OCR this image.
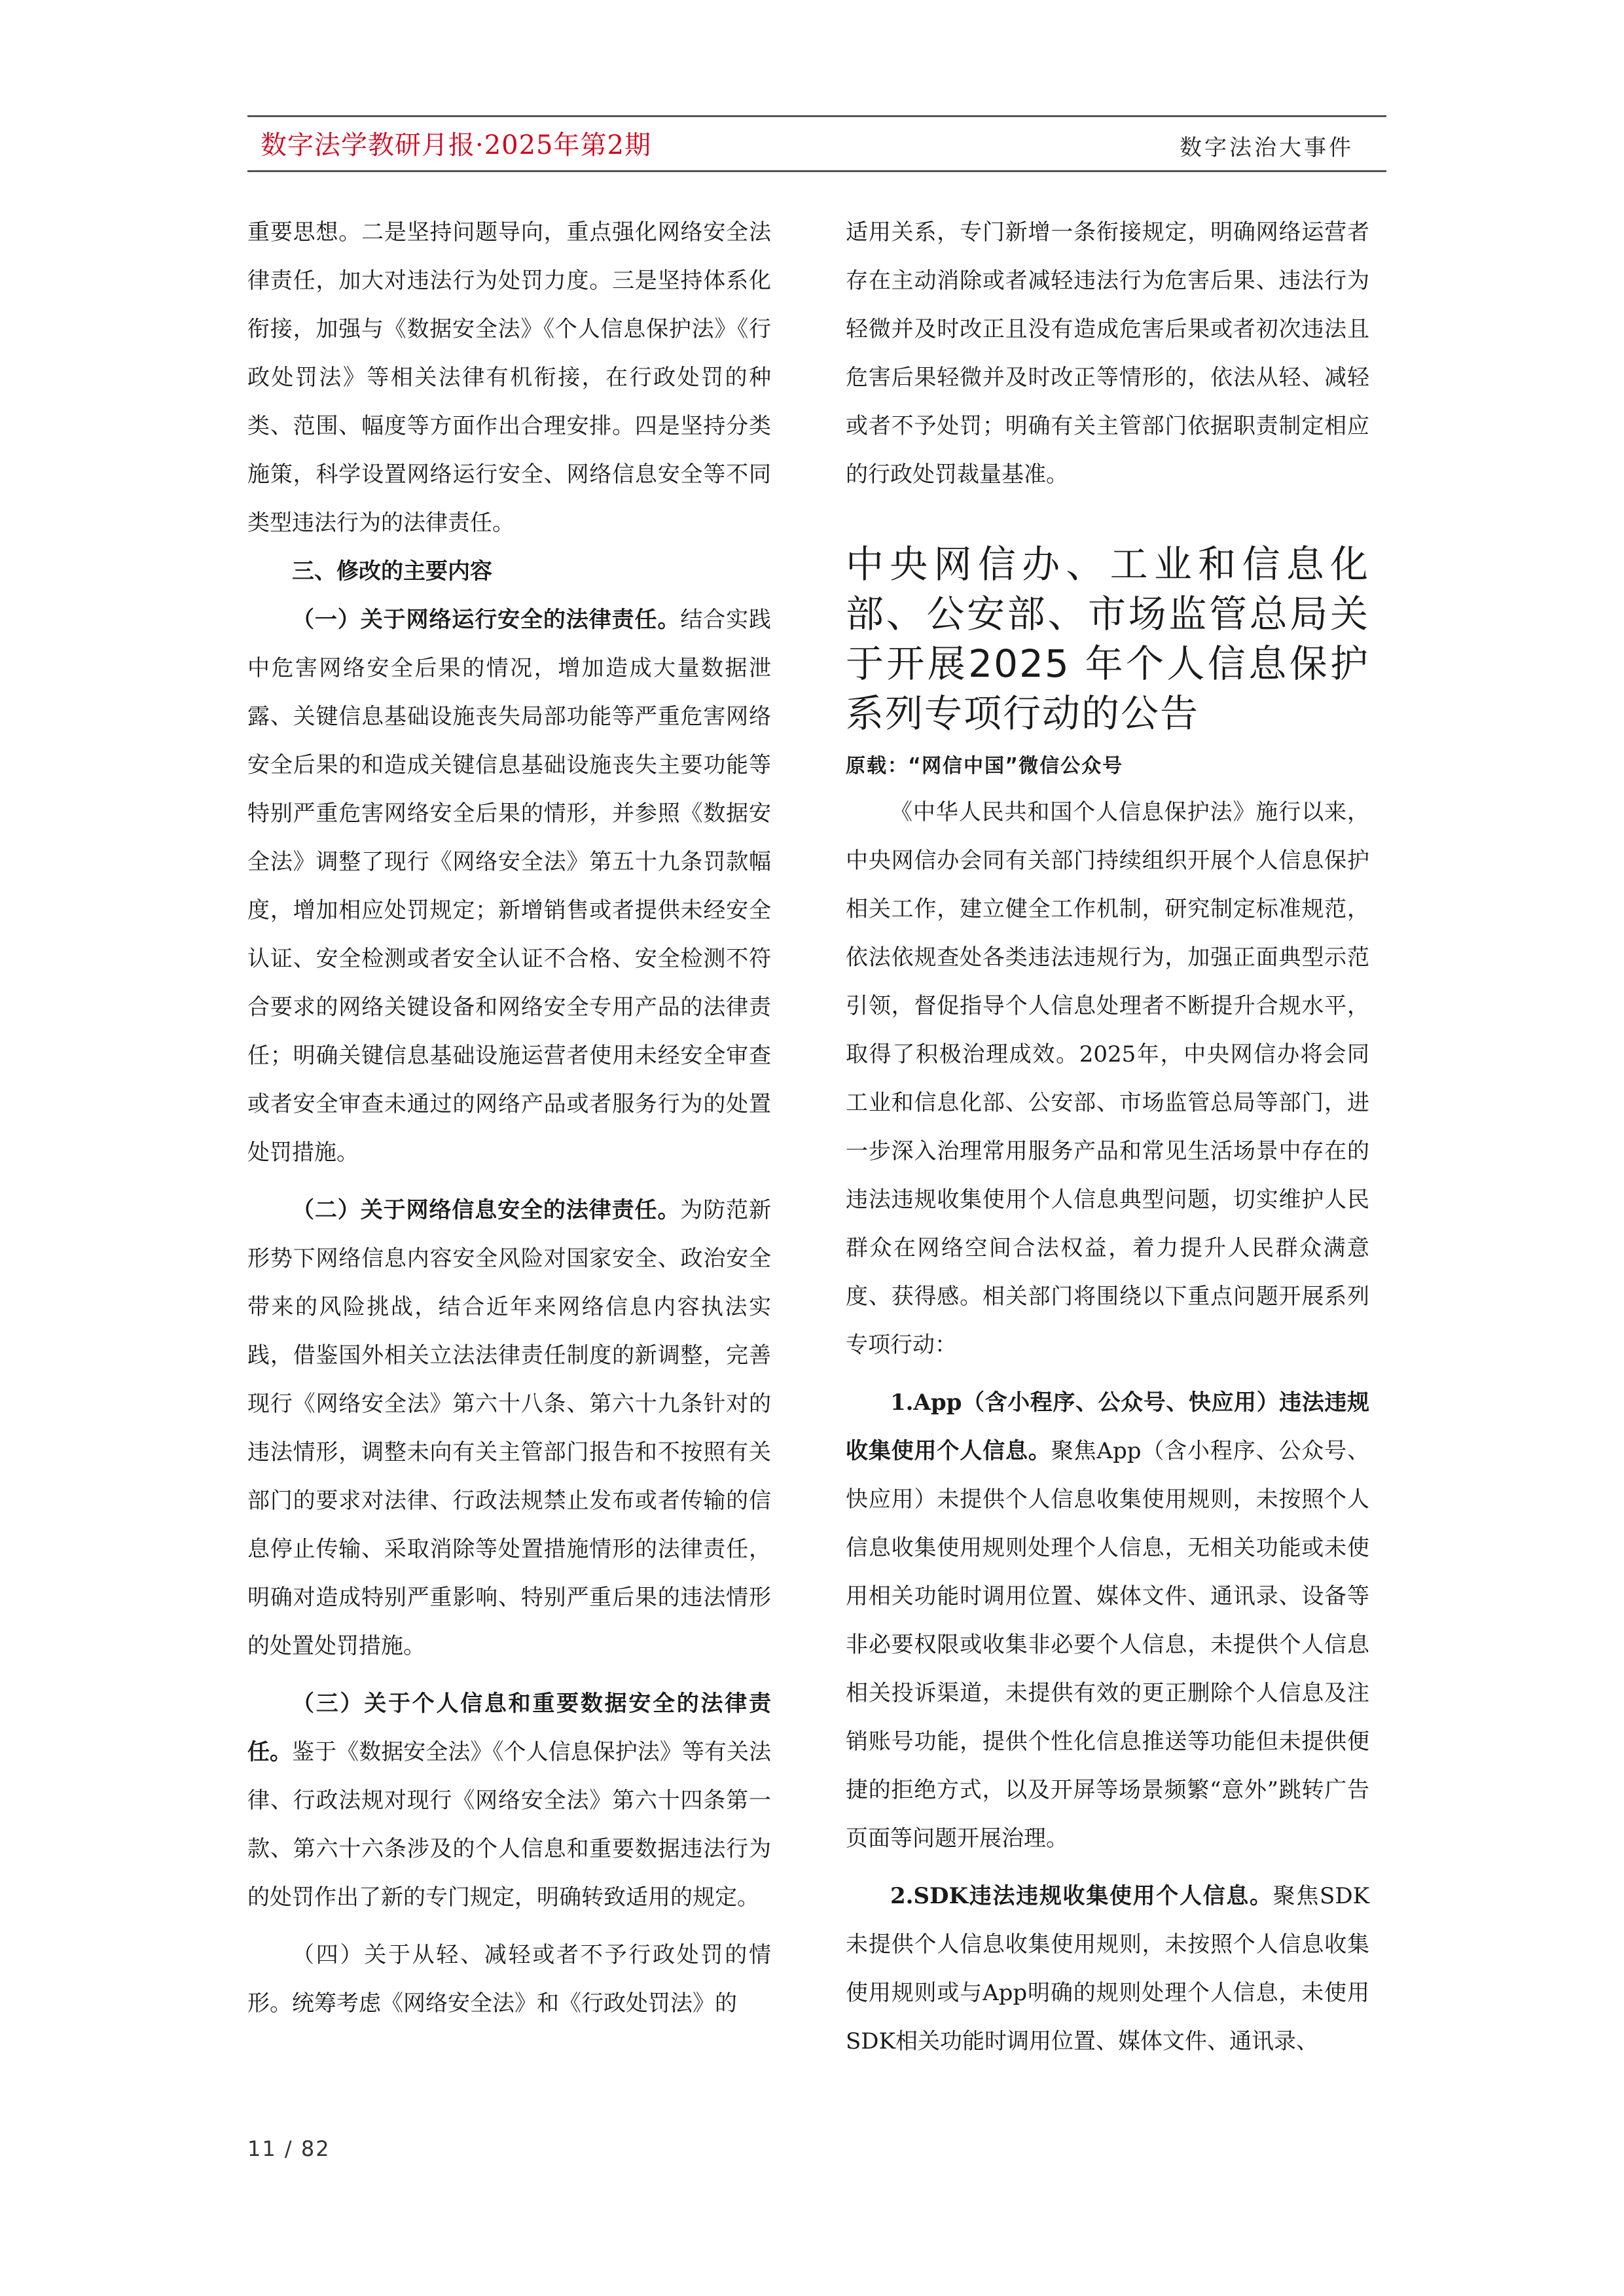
数字法学教研月报·2025年第2期	数字法治大事件

重要思想。二是坚持问题导向，重点强化网络安全法律责任，加大对违法行为处罚力度。三是坚持体系化衔接，加强与《数据安全法》《个人信息保护法》《行政处罚法》等相关法律有机衔接，在行政处罚的种类、范围、幅度等方面作出合理安排。四是坚持分类施策，科学设置网络运行安全、网络信息安全等不同类型违法行为的法律责任。

三、修改的主要内容

（一）关于网络运行安全的法律责任。结合实践中危害网络安全后果的情况，增加造成大量数据泄露、关键信息基础设施丧失局部功能等严重危害网络安全后果的和造成关键信息基础设施丧失主要功能等特别严重危害网络安全后果的情形，并参照《数据安全法》调整了现行《网络安全法》第五十九条罚款幅度，增加相应处罚规定；新增销售或者提供未经安全认证、安全检测或者安全认证不合格、安全检测不符合要求的网络关键设备和网络安全专用产品的法律责任；明确关键信息基础设施运营者使用未经安全审查或者安全审查未通过的网络产品或者服务行为的处置处罚措施。

（二）关于网络信息安全的法律责任。为防范新形势下网络信息内容安全风险对国家安全、政治安全带来的风险挑战，结合近年来网络信息内容执法实践，借鉴国外相关立法法律责任制度的新调整，完善现行《网络安全法》第六十八条、第六十九条针对的违法情形，调整未向有关主管部门报告和不按照有关部门的要求对法律、行政法规禁止发布或者传输的信息停止传输、采取消除等处置措施情形的法律责任，明确对造成特别严重影响、特别严重后果的违法情形的处置处罚措施。

（三）关于个人信息和重要数据安全的法律责任。鉴于《数据安全法》《个人信息保护法》等有关法律、行政法规对现行《网络安全法》第六十四条第一款、第六十六条涉及的个人信息和重要数据违法行为的处罚作出了新的专门规定，明确转致适用的规定。

（四）关于从轻、减轻或者不予行政处罚的情形。统筹考虑《网络安全法》和《行政处罚法》的

适用关系，专门新增一条衔接规定，明确网络运营者存在主动消除或者减轻违法行为危害后果、违法行为轻微并及时改正且没有造成危害后果或者初次违法且危害后果轻微并及时改正等情形的，依法从轻、减轻或者不予处罚；明确有关主管部门依据职责制定相应的行政处罚裁量基准。

中央网信办、工业和信息化部、公安部、市场监管总局关于开展2025 年个人信息保护系列专项行动的公告

原载：“网信中国”微信公众号

《中华人民共和国个人信息保护法》施行以来，中央网信办会同有关部门持续组织开展个人信息保护相关工作，建立健全工作机制，研究制定标准规范，依法依规查处各类违法违规行为，加强正面典型示范引领，督促指导个人信息处理者不断提升合规水平，取得了积极治理成效。2025年，中央网信办将会同工业和信息化部、公安部、市场监管总局等部门，进一步深入治理常用服务产品和常见生活场景中存在的违法违规收集使用个人信息典型问题，切实维护人民群众在网络空间合法权益，着力提升人民群众满意度、获得感。相关部门将围绕以下重点问题开展系列专项行动：

1.App（含小程序、公众号、快应用）违法违规收集使用个人信息。聚焦App（含小程序、公众号、快应用）未提供个人信息收集使用规则，未按照个人信息收集使用规则处理个人信息，无相关功能或未使用相关功能时调用位置、媒体文件、通讯录、设备等非必要权限或收集非必要个人信息，未提供个人信息相关投诉渠道，未提供有效的更正删除个人信息及注销账号功能，提供个性化信息推送等功能但未提供便捷的拒绝方式，以及开屏等场景频繁“意外”跳转广告页面等问题开展治理。

2.SDK违法违规收集使用个人信息。聚焦SDK未提供个人信息收集使用规则，未按照个人信息收集使用规则或与App明确的规则处理个人信息，未使用SDK相关功能时调用位置、媒体文件、通讯录、

11 / 82
